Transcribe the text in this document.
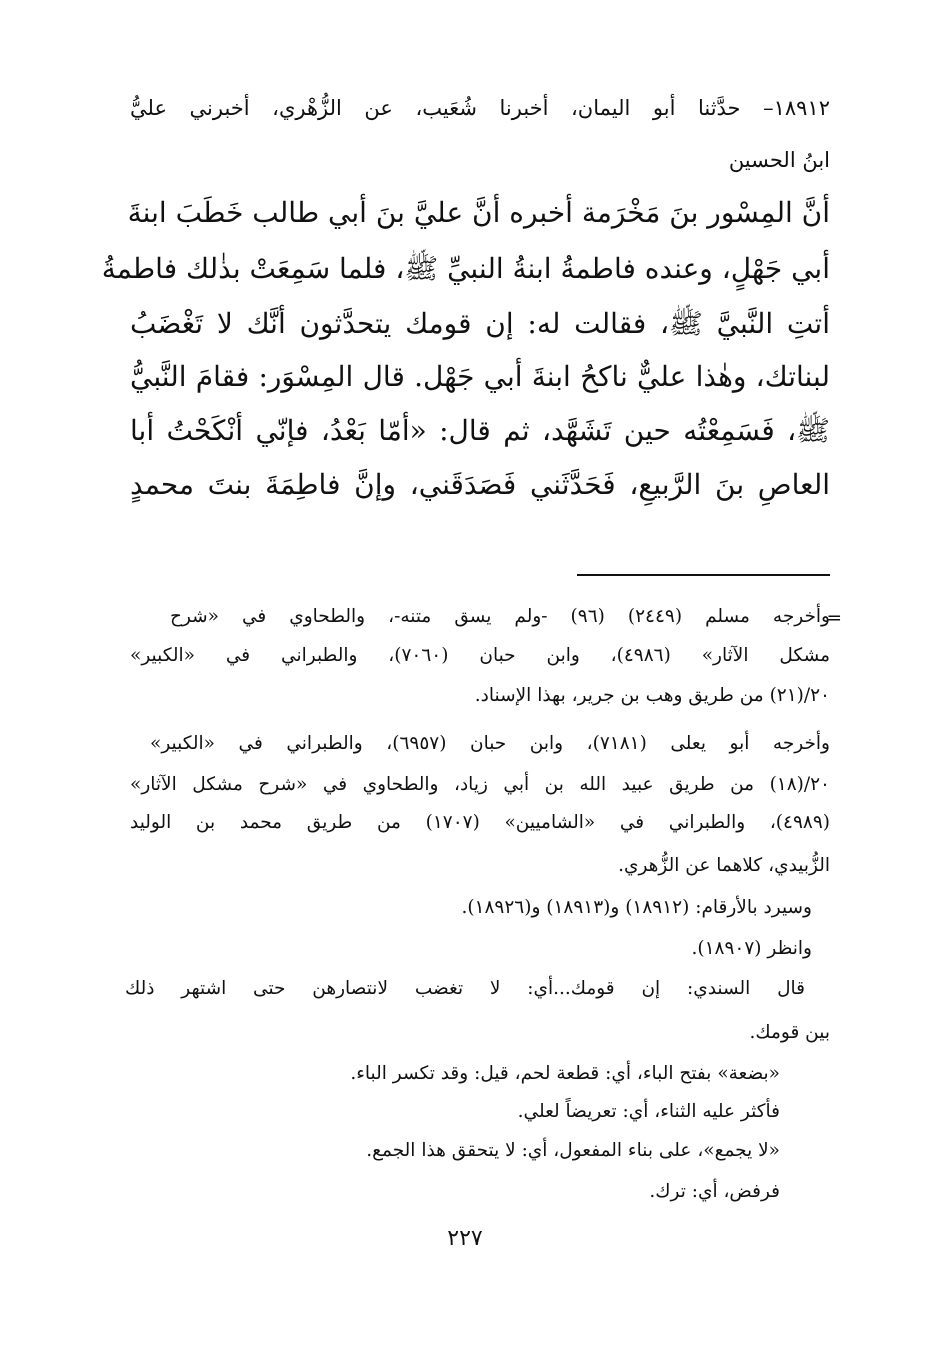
١٨٩١٢– حدَّثنا أبو اليمان، أخبرنا شُعَيب، عن الزُّهْري، أخبرني عليُّ
ابنُ الحسين
أنَّ المِسْور بنَ مَخْرَمة أخبره أنَّ عليَّ بنَ أبي طالب خَطَبَ ابنةَ
أبي جَهْلٍ، وعنده فاطمةُ ابنةُ النبيِّ ﷺ، فلما سَمِعَتْ بذٰلك فاطمةُ
أتتِ النَّبيَّ ﷺ، فقالت له: إن قومك يتحدَّثون أنَّك لا تَغْضَبُ
لبناتك، وهٰذا عليٌّ ناكحُ ابنةَ أبي جَهْل. قال المِسْوَر: فقامَ النَّبيُّ
ﷺ، فَسَمِعْتُه حين تَشَهَّد، ثم قال: «أمّا بَعْدُ، فإنّي أنْكَحْتُ أبا
العاصِ بنَ الرَّبيعِ، فَحَدَّثَني فَصَدَقَني، وإنَّ فاطِمَةَ بنتَ محمدٍ
=
وأخرجه مسلم (٢٤٤٩) (٩٦) -ولم يسق متنه-، والطحاوي في «شرح
مشكل الآثار» (٤٩٨٦)، وابن حبان (٧٠٦٠)، والطبراني في «الكبير»
٢٠/(٢١) من طريق وهب بن جرير، بهذا الإسناد.
وأخرجه أبو يعلى (٧١٨١)، وابن حبان (٦٩٥٧)، والطبراني في «الكبير»
٢٠/(١٨) من طريق عبيد الله بن أبي زياد، والطحاوي في «شرح مشكل الآثار»
(٤٩٨٩)، والطبراني في «الشاميين» (١٧٠٧) من طريق محمد بن الوليد
الزُّبيدي، كلاهما عن الزُّهري.
وسيرد بالأرقام: (١٨٩١٢) و(١٨٩١٣) و(١٨٩٢٦).
وانظر (١٨٩٠٧).
قال السندي: إن قومك...أي: لا تغضب لانتصارهن حتى اشتهر ذلك
بين قومك.
«بضعة» بفتح الباء، أي: قطعة لحم، قيل: وقد تكسر الباء.
فأكثر عليه الثناء، أي: تعريضاً لعلي.
«لا يجمع»، على بناء المفعول، أي: لا يتحقق هذا الجمع.
فرفض، أي: ترك.
٢٢٧
